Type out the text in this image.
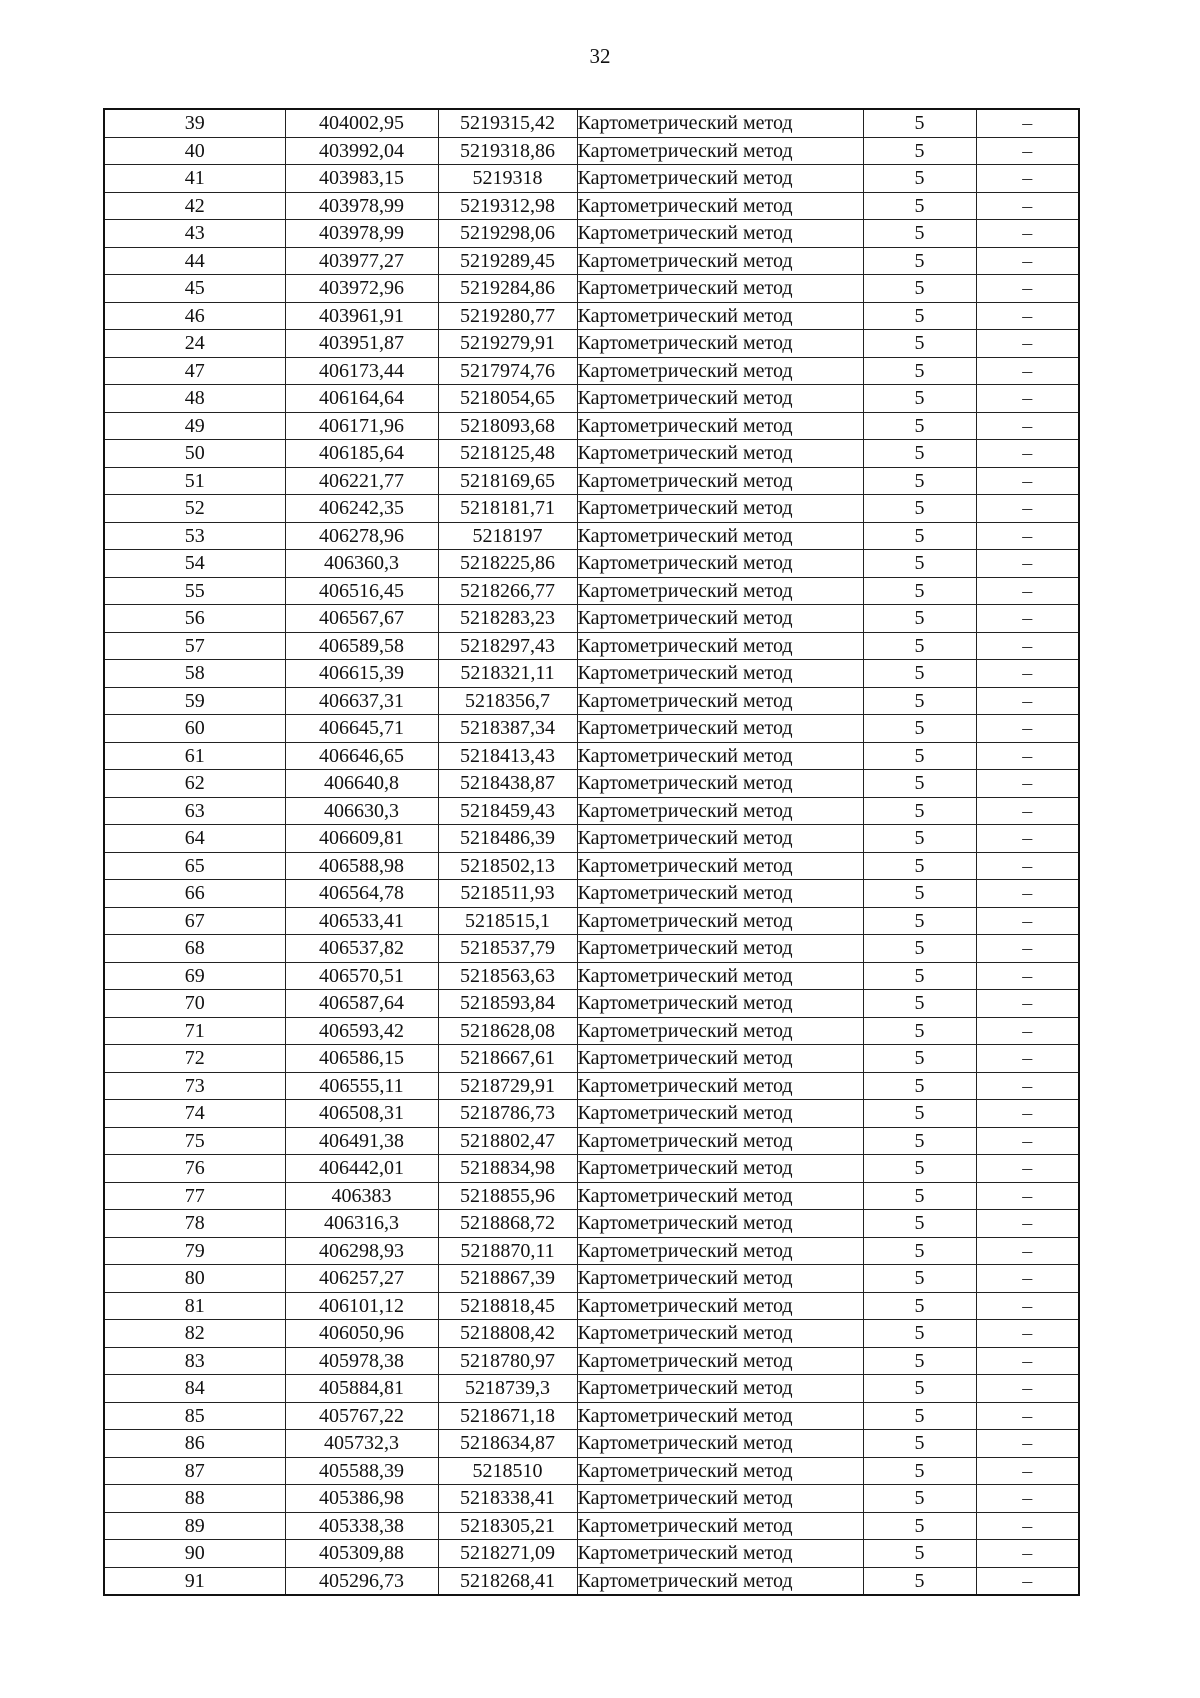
32
39	404002,95	5219315,42	Картометрический метод	5	–
40	403992,04	5219318,86	Картометрический метод	5	–
41	403983,15	5219318	Картометрический метод	5	–
42	403978,99	5219312,98	Картометрический метод	5	–
43	403978,99	5219298,06	Картометрический метод	5	–
44	403977,27	5219289,45	Картометрический метод	5	–
45	403972,96	5219284,86	Картометрический метод	5	–
46	403961,91	5219280,77	Картометрический метод	5	–
24	403951,87	5219279,91	Картометрический метод	5	–
47	406173,44	5217974,76	Картометрический метод	5	–
48	406164,64	5218054,65	Картометрический метод	5	–
49	406171,96	5218093,68	Картометрический метод	5	–
50	406185,64	5218125,48	Картометрический метод	5	–
51	406221,77	5218169,65	Картометрический метод	5	–
52	406242,35	5218181,71	Картометрический метод	5	–
53	406278,96	5218197	Картометрический метод	5	–
54	406360,3	5218225,86	Картометрический метод	5	–
55	406516,45	5218266,77	Картометрический метод	5	–
56	406567,67	5218283,23	Картометрический метод	5	–
57	406589,58	5218297,43	Картометрический метод	5	–
58	406615,39	5218321,11	Картометрический метод	5	–
59	406637,31	5218356,7	Картометрический метод	5	–
60	406645,71	5218387,34	Картометрический метод	5	–
61	406646,65	5218413,43	Картометрический метод	5	–
62	406640,8	5218438,87	Картометрический метод	5	–
63	406630,3	5218459,43	Картометрический метод	5	–
64	406609,81	5218486,39	Картометрический метод	5	–
65	406588,98	5218502,13	Картометрический метод	5	–
66	406564,78	5218511,93	Картометрический метод	5	–
67	406533,41	5218515,1	Картометрический метод	5	–
68	406537,82	5218537,79	Картометрический метод	5	–
69	406570,51	5218563,63	Картометрический метод	5	–
70	406587,64	5218593,84	Картометрический метод	5	–
71	406593,42	5218628,08	Картометрический метод	5	–
72	406586,15	5218667,61	Картометрический метод	5	–
73	406555,11	5218729,91	Картометрический метод	5	–
74	406508,31	5218786,73	Картометрический метод	5	–
75	406491,38	5218802,47	Картометрический метод	5	–
76	406442,01	5218834,98	Картометрический метод	5	–
77	406383	5218855,96	Картометрический метод	5	–
78	406316,3	5218868,72	Картометрический метод	5	–
79	406298,93	5218870,11	Картометрический метод	5	–
80	406257,27	5218867,39	Картометрический метод	5	–
81	406101,12	5218818,45	Картометрический метод	5	–
82	406050,96	5218808,42	Картометрический метод	5	–
83	405978,38	5218780,97	Картометрический метод	5	–
84	405884,81	5218739,3	Картометрический метод	5	–
85	405767,22	5218671,18	Картометрический метод	5	–
86	405732,3	5218634,87	Картометрический метод	5	–
87	405588,39	5218510	Картометрический метод	5	–
88	405386,98	5218338,41	Картометрический метод	5	–
89	405338,38	5218305,21	Картометрический метод	5	–
90	405309,88	5218271,09	Картометрический метод	5	–
91	405296,73	5218268,41	Картометрический метод	5	–
